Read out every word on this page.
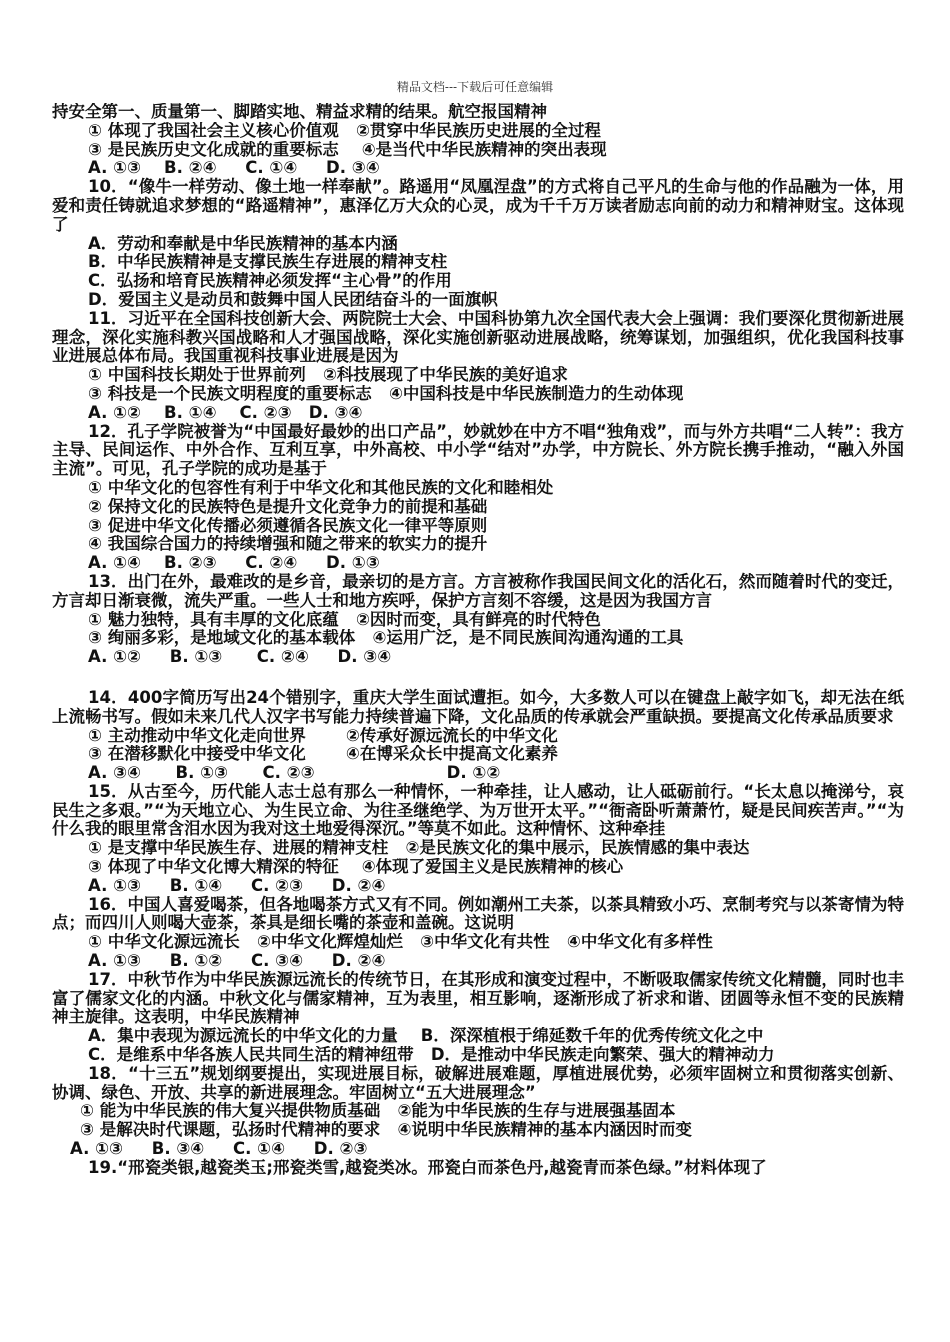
精品文档---下载后可任意编辑
持安全第一、质量第一、脚踏实地、精益求精的结果。航空报国精神
① 体现了我国社会主义核心价值观   ②贯穿中华民族历史进展的全过程
③ 是民族历史文化成就的重要标志    ④是当代中华民族精神的突出表现
A. ①③    B. ②④     C. ①④     D. ③④
10．“像牛一样劳动、像土地一样奉献”。路遥用“凤凰涅盘”的方式将自己平凡的生命与他的作品融为一体，用爱和责任铸就追求梦想的“路遥精神”，惠泽亿万大众的心灵，成为千千万万读者励志向前的动力和精神财宝。这体现了
A．劳动和奉献是中华民族精神的基本内涵
B．中华民族精神是支撑民族生存进展的精神支柱
C．弘扬和培育民族精神必须发挥“主心骨”的作用
D．爱国主义是动员和鼓舞中国人民团结奋斗的一面旗帜
11．习近平在全国科技创新大会、两院院士大会、中国科协第九次全国代表大会上强调：我们要深化贯彻新进展理念，深化实施科教兴国战略和人才强国战略，深化实施创新驱动进展战略，统筹谋划，加强组织，优化我国科技事业进展总体布局。我国重视科技事业进展是因为
① 中国科技长期处于世界前列   ②科技展现了中华民族的美好追求
③ 科技是一个民族文明程度的重要标志   ④中国科技是中华民族制造力的生动体现
A. ①②    B. ①④    C. ②③   D. ③④
12．孔子学院被誉为“中国最好最妙的出口产品”，妙就妙在中方不唱“独角戏”，而与外方共唱“二人转”：我方主导、民间运作、中外合作、互利互享，中外高校、中小学“结对”办学，中方院长、外方院长携手推动，“融入外国主流”。可见，孔子学院的成功是基于
① 中华文化的包容性有利于中华文化和其他民族的文化和睦相处
② 保持文化的民族特色是提升文化竞争力的前提和基础
③ 促进中华文化传播必须遵循各民族文化一律平等原则
④ 我国综合国力的持续增强和随之带来的软实力的提升
A. ①④    B. ②③     C. ②④     D. ①③
13．出门在外，最难改的是乡音，最亲切的是方言。方言被称作我国民间文化的活化石，然而随着时代的变迁，方言却日渐衰微，流失严重。一些人士和地方疾呼，保护方言刻不容缓，这是因为我国方言
① 魅力独特，具有丰厚的文化底蕴   ②因时而变，具有鲜亮的时代特色
③ 绚丽多彩，是地域文化的基本载体   ④运用广泛，是不同民族间沟通沟通的工具
A. ①②     B. ①③      C. ②④     D. ③④
14．400字简历写出24个错别字，重庆大学生面试遭拒。如今，大多数人可以在键盘上敲字如飞，却无法在纸上流畅书写。假如未来几代人汉字书写能力持续普遍下降，文化品质的传承就会严重缺损。要提高文化传承品质要求
① 主动推动中华文化走向世界       ②传承好源远流长的中华文化
③ 在潜移默化中接受中华文化       ④在博采众长中提高文化素养
A. ③④      B. ①③      C. ②③                       D. ①②
15．从古至今，历代能人志士总有那么一种情怀，一种牵挂，让人感动，让人砥砺前行。“长太息以掩涕兮，哀民生之多艰。”“为天地立心、为生民立命、为往圣继绝学、为万世开太平。”“衙斋卧听萧萧竹，疑是民间疾苦声。”“为什么我的眼里常含泪水因为我对这土地爱得深沉。”等莫不如此。这种情怀、这种牵挂
① 是支撑中华民族生存、进展的精神支柱   ②是民族文化的集中展示，民族情感的集中表达
③ 体现了中华文化博大精深的特征    ④体现了爱国主义是民族精神的核心
A. ①③     B. ①④     C. ②③     D. ②④
16．中国人喜爱喝茶，但各地喝茶方式又有不同。例如潮州工夫茶，以茶具精致小巧、烹制考究与以茶寄情为特点；而四川人则喝大壶茶，茶具是细长嘴的茶壶和盖碗。这说明
① 中华文化源远流长   ②中华文化辉煌灿烂   ③中华文化有共性   ④中华文化有多样性
A. ①③     B. ①②     C. ③④     D. ②④
17．中秋节作为中华民族源远流长的传统节日，在其形成和演变过程中，不断吸取儒家传统文化精髓，同时也丰富了儒家文化的内涵。中秋文化与儒家精神，互为表里，相互影响，逐渐形成了祈求和谐、团圆等永恒不变的民族精神主旋律。这表明，中华民族精神
A．集中表现为源远流长的中华文化的力量    B．深深植根于绵延数千年的优秀传统文化之中
C．是维系中华各族人民共同生活的精神纽带   D．是推动中华民族走向繁荣、强大的精神动力
18．“十三五”规划纲要提出，实现进展目标，破解进展难题，厚植进展优势，必须牢固树立和贯彻落实创新、协调、绿色、开放、共享的新进展理念。牢固树立“五大进展理念”
① 能为中华民族的伟大复兴提供物质基础   ②能为中华民族的生存与进展强基固本
③ 是解决时代课题，弘扬时代精神的要求   ④说明中华民族精神的基本内涵因时而变
A. ①③     B. ③④     C. ①④     D. ②③
19.“邢瓷类银,越瓷类玉;邢瓷类雪,越瓷类冰。邢瓷白而茶色丹,越瓷青而茶色绿。”材料体现了
